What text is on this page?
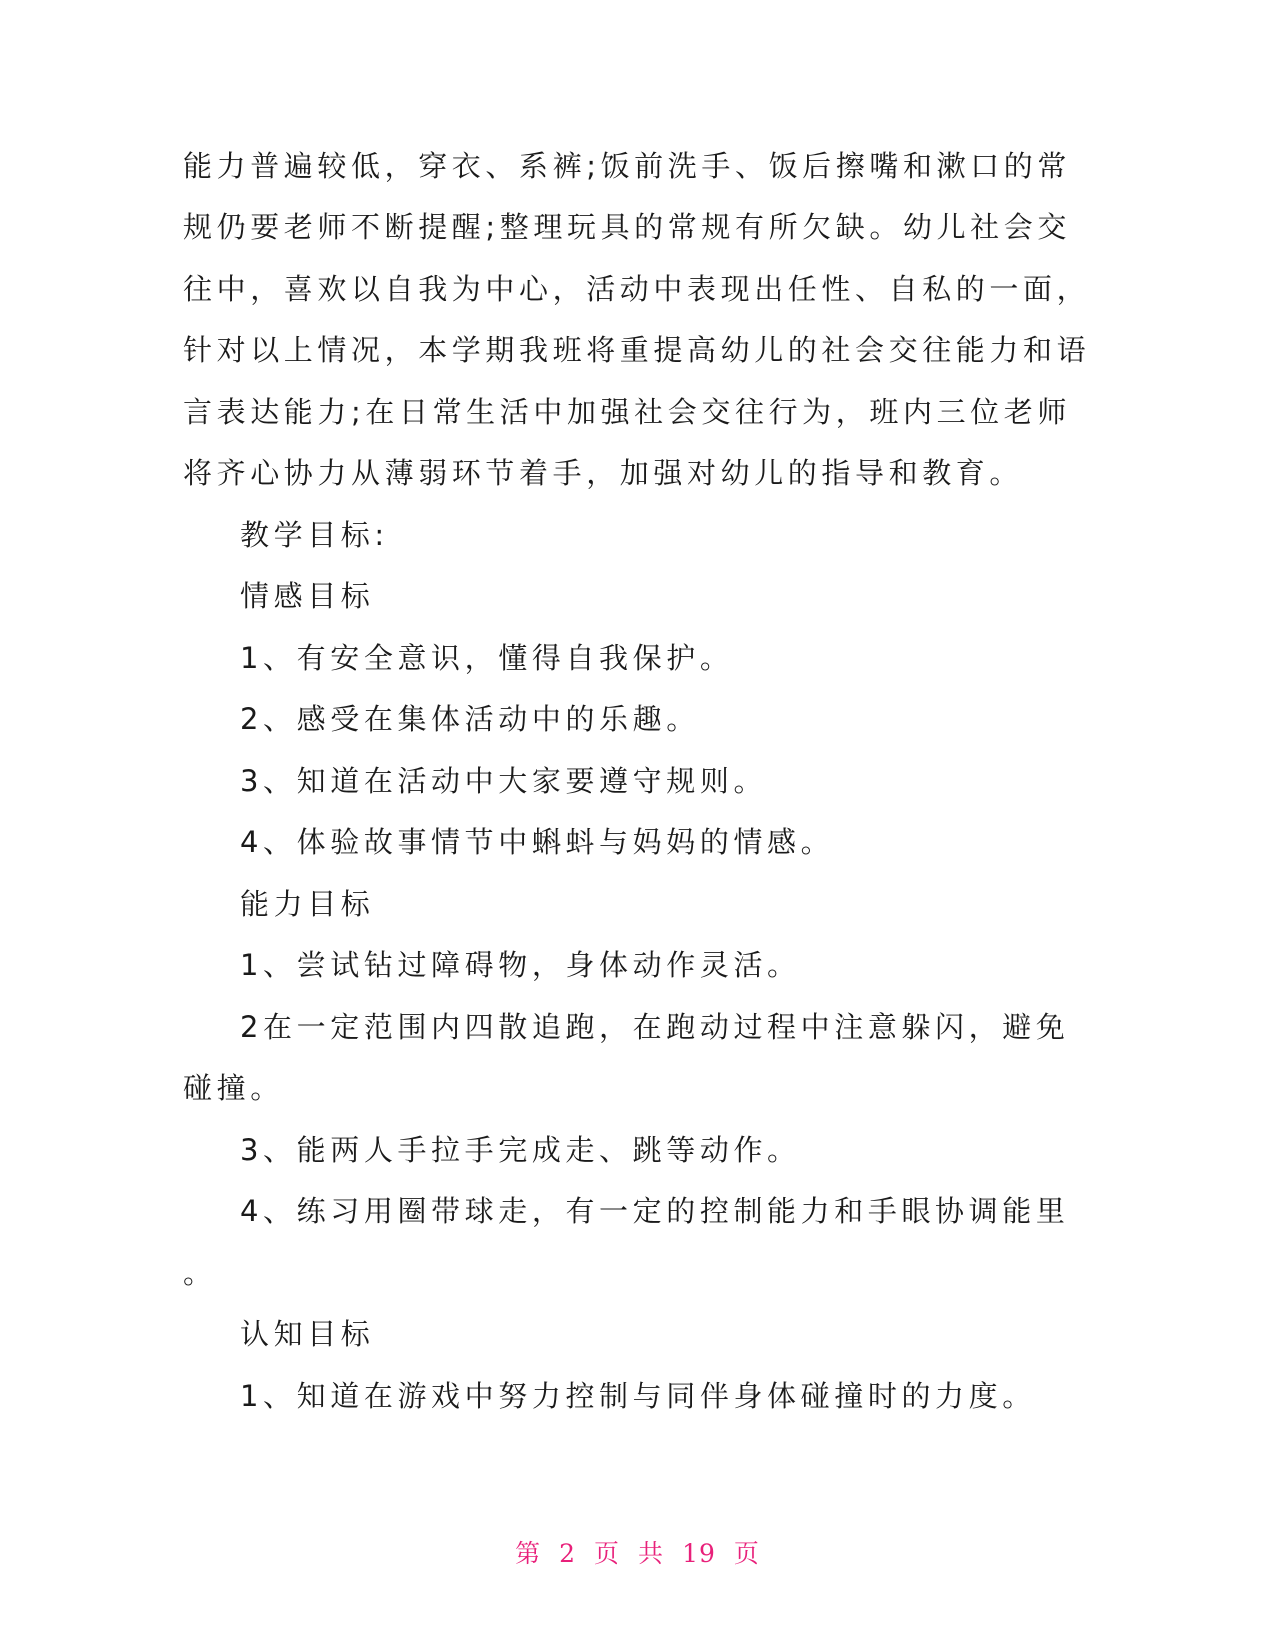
能力普遍较低，穿衣、系裤;饭前洗手、饭后擦嘴和漱口的常
规仍要老师不断提醒;整理玩具的常规有所欠缺。幼儿社会交
往中，喜欢以自我为中心，活动中表现出任性、自私的一面，
针对以上情况，本学期我班将重提高幼儿的社会交往能力和语
言表达能力;在日常生活中加强社会交往行为，班内三位老师
将齐心协力从薄弱环节着手，加强对幼儿的指导和教育。
教学目标:
情感目标
1、有安全意识，懂得自我保护。
2、感受在集体活动中的乐趣。
3、知道在活动中大家要遵守规则。
4、体验故事情节中蝌蚪与妈妈的情感。
能力目标
1、尝试钻过障碍物，身体动作灵活。
2在一定范围内四散追跑，在跑动过程中注意躲闪，避免
碰撞。
3、能两人手拉手完成走、跳等动作。
4、练习用圈带球走，有一定的控制能力和手眼协调能里
。
认知目标
1、知道在游戏中努力控制与同伴身体碰撞时的力度。
第 2 页 共 19 页
